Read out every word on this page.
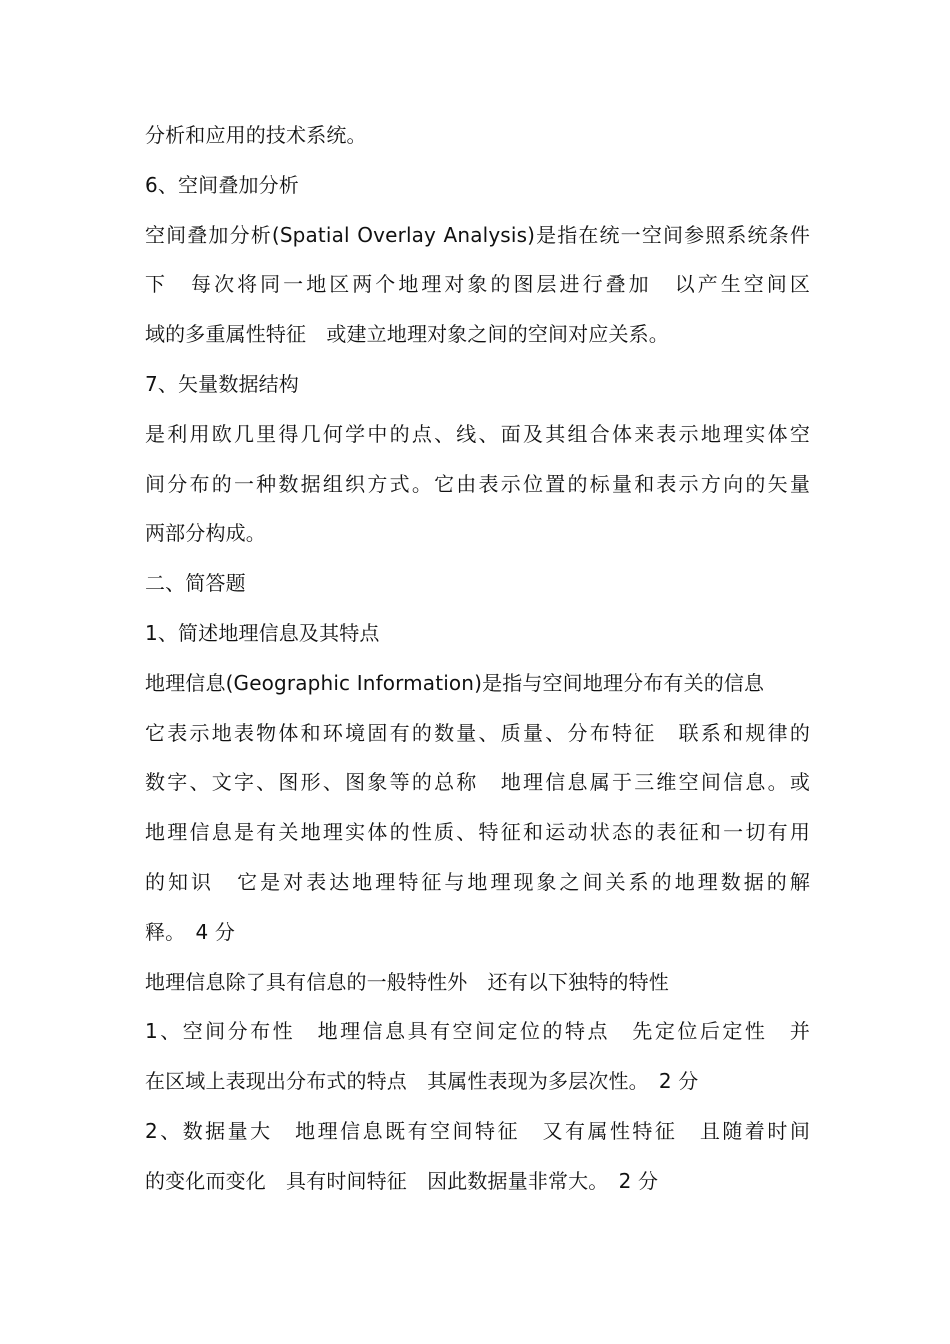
分析和应用的技术系统。
6、空间叠加分析
空间叠加分析(Spatial Overlay Analysis)是指在统一空间参照系统条件
下　每次将同一地区两个地理对象的图层进行叠加　以产生空间区
域的多重属性特征　或建立地理对象之间的空间对应关系。
7、矢量数据结构
是利用欧几里得几何学中的点、线、面及其组合体来表示地理实体空
间分布的一种数据组织方式。它由表示位置的标量和表示方向的矢量
两部分构成。
二、简答题
1、简述地理信息及其特点
地理信息(Geographic Information)是指与空间地理分布有关的信息
它表示地表物体和环境固有的数量、质量、分布特征　联系和规律的
数字、文字、图形、图象等的总称　地理信息属于三维空间信息。或
地理信息是有关地理实体的性质、特征和运动状态的表征和一切有用
的知识　它是对表达地理特征与地理现象之间关系的地理数据的解
释。　4 分
地理信息除了具有信息的一般特性外　还有以下独特的特性
1、空间分布性　地理信息具有空间定位的特点　先定位后定性　并
在区域上表现出分布式的特点　其属性表现为多层次性。　2 分
2、数据量大　地理信息既有空间特征　又有属性特征　且随着时间
的变化而变化　具有时间特征　因此数据量非常大。　2 分
